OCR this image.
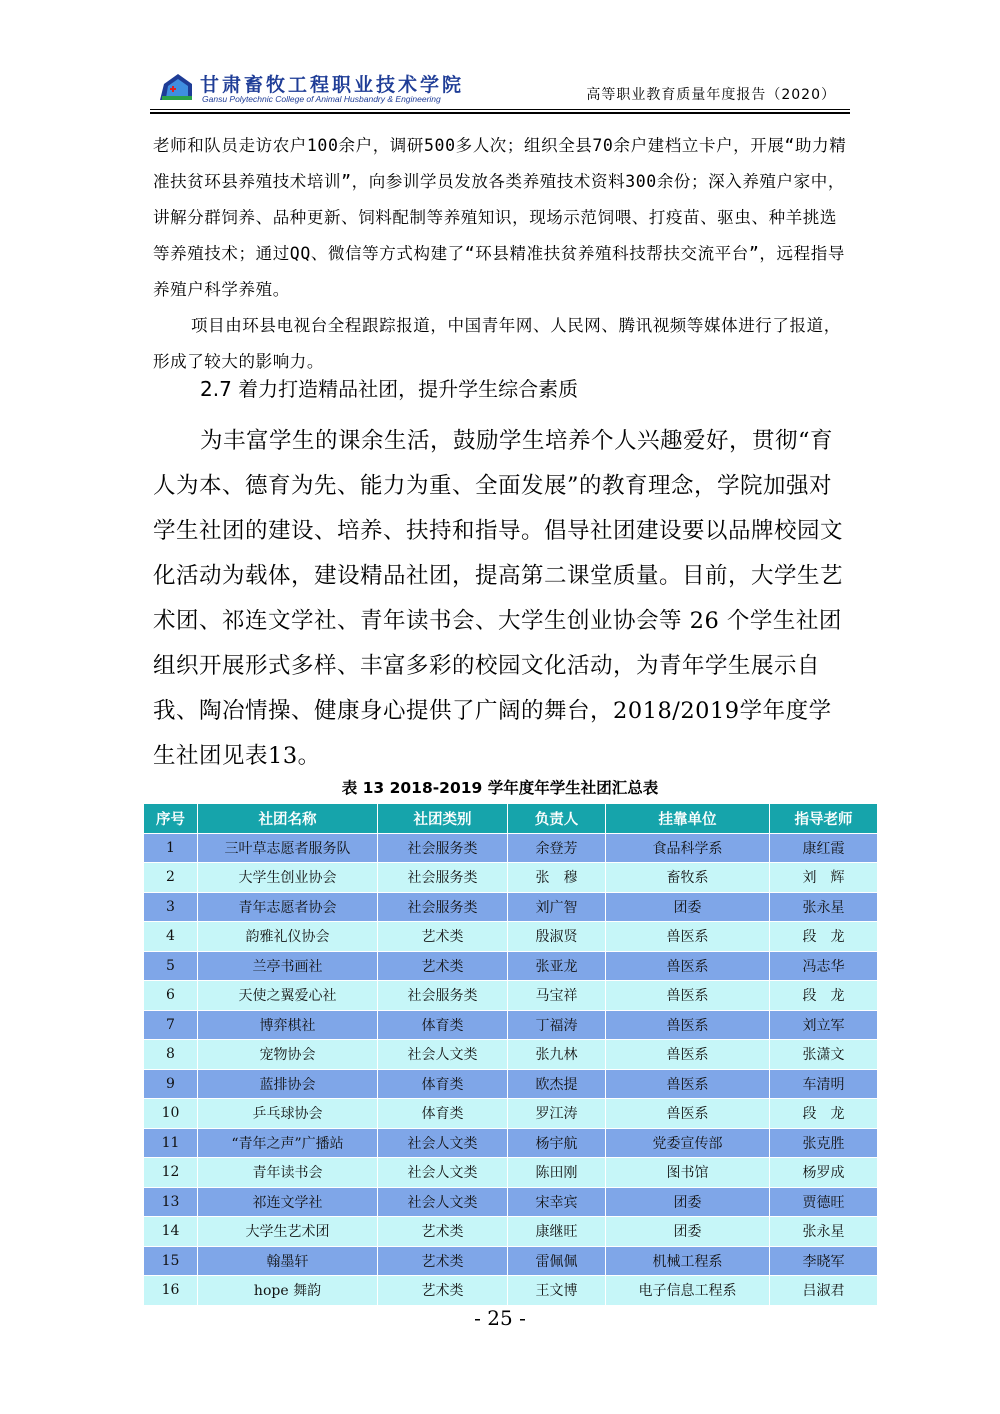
甘肃畜牧工程职业技术学院
Gansu Polytechnic College of Animal Husbandry & Engineering	高等职业教育质量年度报告（2020）

老师和队员走访农户100余户，调研500多人次；组织全县70余户建档立卡户，开展“助力精准扶贫环县养殖技术培训”，向参训学员发放各类养殖技术资料300余份；深入养殖户家中，讲解分群饲养、品种更新、饲料配制等养殖知识，现场示范饲喂、打疫苗、驱虫、种羊挑选等养殖技术；通过QQ、微信等方式构建了“环县精准扶贫养殖科技帮扶交流平台”，远程指导养殖户科学养殖。

项目由环县电视台全程跟踪报道，中国青年网、人民网、腾讯视频等媒体进行了报道，形成了较大的影响力。

2.7 着力打造精品社团，提升学生综合素质

为丰富学生的课余生活，鼓励学生培养个人兴趣爱好，贯彻“育人为本、德育为先、能力为重、全面发展”的教育理念，学院加强对学生社团的建设、培养、扶持和指导。倡导社团建设要以品牌校园文化活动为载体，建设精品社团，提高第二课堂质量。目前，大学生艺术团、祁连文学社、青年读书会、大学生创业协会等 26 个学生社团组织开展形式多样、丰富多彩的校园文化活动，为青年学生展示自我、陶冶情操、健康身心提供了广阔的舞台，2018/2019学年度学生社团见表13。

表 13 2018-2019 学年度年学生社团汇总表
序号	社团名称	社团类别	负责人	挂靠单位	指导老师
1	三叶草志愿者服务队	社会服务类	余登芳	食品科学系	康红霞
2	大学生创业协会	社会服务类	张　穆	畜牧系	刘　辉
3	青年志愿者协会	社会服务类	刘广智	团委	张永星
4	韵雅礼仪协会	艺术类	殷淑贤	兽医系	段　龙
5	兰亭书画社	艺术类	张亚龙	兽医系	冯志华
6	天使之翼爱心社	社会服务类	马宝祥	兽医系	段　龙
7	博弈棋社	体育类	丁福涛	兽医系	刘立军
8	宠物协会	社会人文类	张九林	兽医系	张潇文
9	蓝排协会	体育类	欧杰提	兽医系	车清明
10	乒乓球协会	体育类	罗江涛	兽医系	段　龙
11	“青年之声”广播站	社会人文类	杨宇航	党委宣传部	张克胜
12	青年读书会	社会人文类	陈田刚	图书馆	杨罗成
13	祁连文学社	社会人文类	宋幸宾	团委	贾德旺
14	大学生艺术团	艺术类	康继旺	团委	张永星
15	翰墨轩	艺术类	雷佩佩	机械工程系	李晓军
16	hope 舞韵	艺术类	王文博	电子信息工程系	吕淑君
- 25 -
